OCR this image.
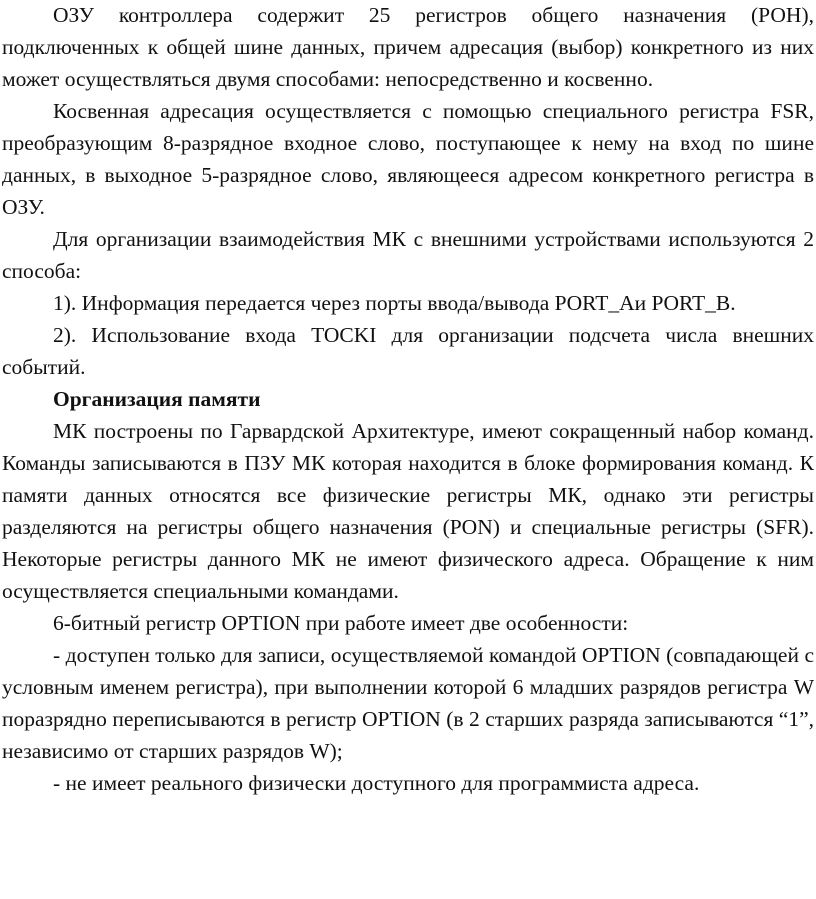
ОЗУ контроллера содержит 25 регистров общего назначения (РОН), подключенных к общей шине данных, причем адресация (выбор) конкретного из них может осуществляться двумя способами: непосредственно и косвенно.

Косвенная адресация осуществляется с помощью специального регистра FSR, преобразующим 8-разрядное входное слово, поступающее к нему на вход по шине данных, в выходное 5-разрядное слово, являющееся адресом конкретного регистра в ОЗУ.

Для организации взаимодействия МК с внешними устройствами используются 2 способа:

1). Информация передается через порты ввода/вывода PORT_Aи PORT_B.

2). Использование входа TOCKI для организации подсчета числа внешних событий.

Организация памяти

МК построены по Гарвардской Архитектуре, имеют сокращенный набор команд. Команды записываются в ПЗУ МК которая находится в блоке формирования команд. К памяти данных относятся все физические регистры МК, однако эти регистры разделяются на регистры общего назначения (PON) и специальные регистры (SFR). Некоторые регистры данного МК не имеют физического адреса. Обращение к ним осуществляется специальными командами.

6-битный регистр OPTION при работе имеет две особенности:

- доступен только для записи, осуществляемой командой OPTION (совпадающей с условным именем регистра), при выполнении которой 6 младших разрядов регистра W поразрядно переписываются в регистр OPTION (в 2 старших разряда записываются “1”, независимо от старших разрядов W);

- не имеет реального физически доступного для программиста адреса.
